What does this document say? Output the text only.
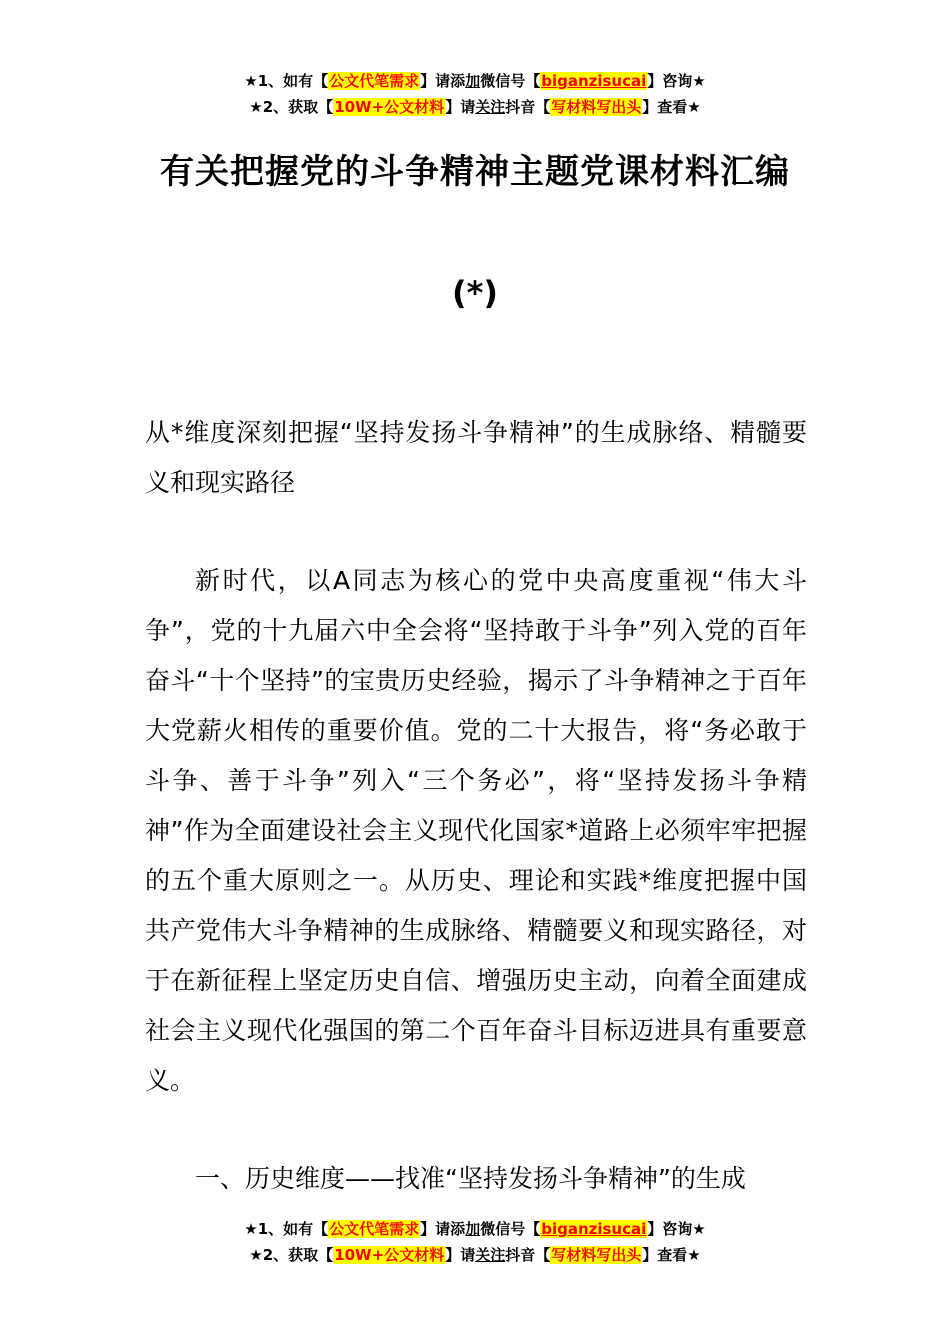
★1、如有【公文代笔需求】请添加微信号【biganzisucai】咨询★
★2、获取【10W+公文材料】请关注抖音【写材料写出头】查看★
有关把握党的斗争精神主题党课材料汇编
(*)
从*维度深刻把握“坚持发扬斗争精神”的生成脉络、精髓要义和现实路径
新时代，以A同志为核心的党中央高度重视“伟大斗争”，党的十九届六中全会将“坚持敢于斗争”列入党的百年奋斗“十个坚持”的宝贵历史经验，揭示了斗争精神之于百年大党薪火相传的重要价值。党的二十大报告，将“务必敢于斗争、善于斗争”列入“三个务必”，将“坚持发扬斗争精神”作为全面建设社会主义现代化国家*道路上必须牢牢把握的五个重大原则之一。从历史、理论和实践*维度把握中国共产党伟大斗争精神的生成脉络、精髓要义和现实路径，对于在新征程上坚定历史自信、增强历史主动，向着全面建成社会主义现代化强国的第二个百年奋斗目标迈进具有重要意义。
一、历史维度——找准“坚持发扬斗争精神”的生成
★1、如有【公文代笔需求】请添加微信号【biganzisucai】咨询★
★2、获取【10W+公文材料】请关注抖音【写材料写出头】查看★
